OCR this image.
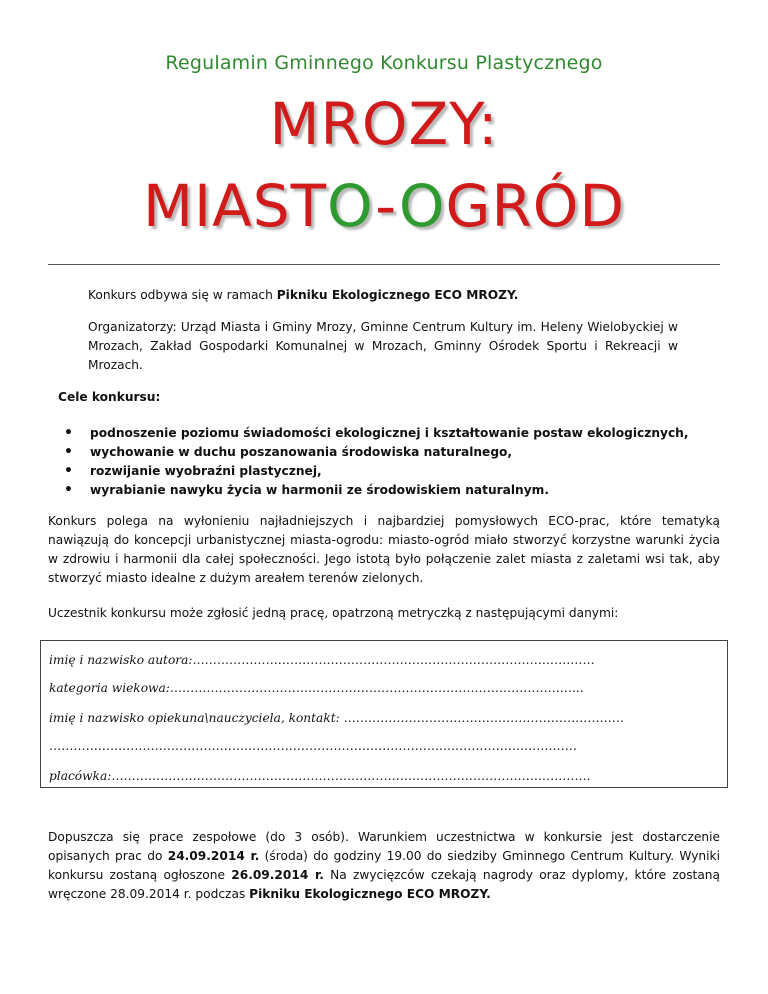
Regulamin Gminnego Konkursu Plastycznego
MROZY:
MIASTO-OGRÓD
Konkurs odbywa się w ramach Pikniku Ekologicznego ECO MROZY.
Organizatorzy: Urząd Miasta i Gminy Mrozy, Gminne Centrum Kultury im. Heleny Wielobyckiej w Mrozach, Zakład Gospodarki Komunalnej w Mrozach, Gminny Ośrodek Sportu i Rekreacji w Mrozach.
Cele konkursu:
• podnoszenie poziomu świadomości ekologicznej i kształtowanie postaw ekologicznych,
• wychowanie w duchu poszanowania środowiska naturalnego,
• rozwijanie wyobraźni plastycznej,
• wyrabianie nawyku życia w harmonii ze środowiskiem naturalnym.
Konkurs polega na wyłonieniu najładniejszych i najbardziej pomysłowych ECO-prac, które tematyką nawiązują do koncepcji urbanistycznej miasta-ogrodu: miasto-ogród miało stworzyć korzystne warunki życia w zdrowiu i harmonii dla całej społeczności. Jego istotą było połączenie zalet miasta z zaletami wsi tak, aby stworzyć miasto idealne z dużym areałem terenów zielonych.
Uczestnik konkursu może zgłosić jedną pracę, opatrzoną metryczką z następującymi danymi:
imię i nazwisko autora:………………………………………………………………………………………
kategoria wiekowa:…………………………………………………………………………………….…..
imię i nazwisko opiekuna\nauczyciela, kontakt: ……………………………………………………………
…………………………………………………………………………………….……………………………
placówka:……………………………………………………………………………………………………….
Dopuszcza się prace zespołowe (do 3 osób). Warunkiem uczestnictwa w konkursie jest dostarczenie opisanych prac do 24.09.2014 r. (środa) do godziny 19.00 do siedziby Gminnego Centrum Kultury. Wyniki konkursu zostaną ogłoszone 26.09.2014 r. Na zwycięzców czekają nagrody oraz dyplomy, które zostaną wręczone 28.09.2014 r. podczas Pikniku Ekologicznego ECO MROZY.
